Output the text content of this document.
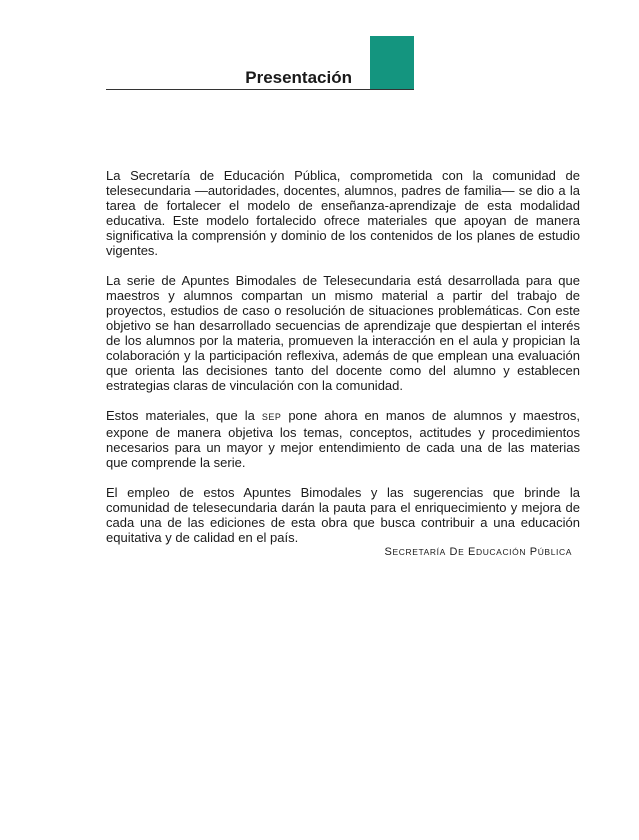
Presentación

La Secretaría de Educación Pública, comprometida con la comunidad de telesecundaria —autoridades, docentes, alumnos, padres de familia— se dio a la tarea de fortalecer el modelo de enseñanza-aprendizaje de esta modalidad educativa. Este modelo fortalecido ofrece materiales que apoyan de manera significativa la comprensión y dominio de los contenidos de los planes de estudio vigentes.

La serie de Apuntes Bimodales de Telesecundaria está desarrollada para que maestros y alumnos compartan un mismo material a partir del trabajo de proyectos, estudios de caso o resolución de situaciones problemáticas. Con este objetivo se han desarrollado secuencias de aprendizaje que despiertan el interés de los alumnos por la materia, promueven la interacción en el aula y propician la colaboración y la participación reflexiva, además de que emplean una evaluación que orienta las decisiones tanto del docente como del alumno y establecen estrategias claras de vinculación con la comunidad.

Estos materiales, que la SEP pone ahora en manos de alumnos y maestros, expone de manera objetiva los temas, conceptos, actitudes y procedimientos necesarios para un mayor y mejor entendimiento de cada una de las materias que comprende la serie.

El empleo de estos Apuntes Bimodales y las sugerencias que brinde la comunidad de telesecundaria darán la pauta para el enriquecimiento y mejora de cada una de las ediciones de esta obra que busca contribuir a una educación equitativa y de calidad en el país.

SECRETARÍA DE EDUCACIÓN PÚBLICA
